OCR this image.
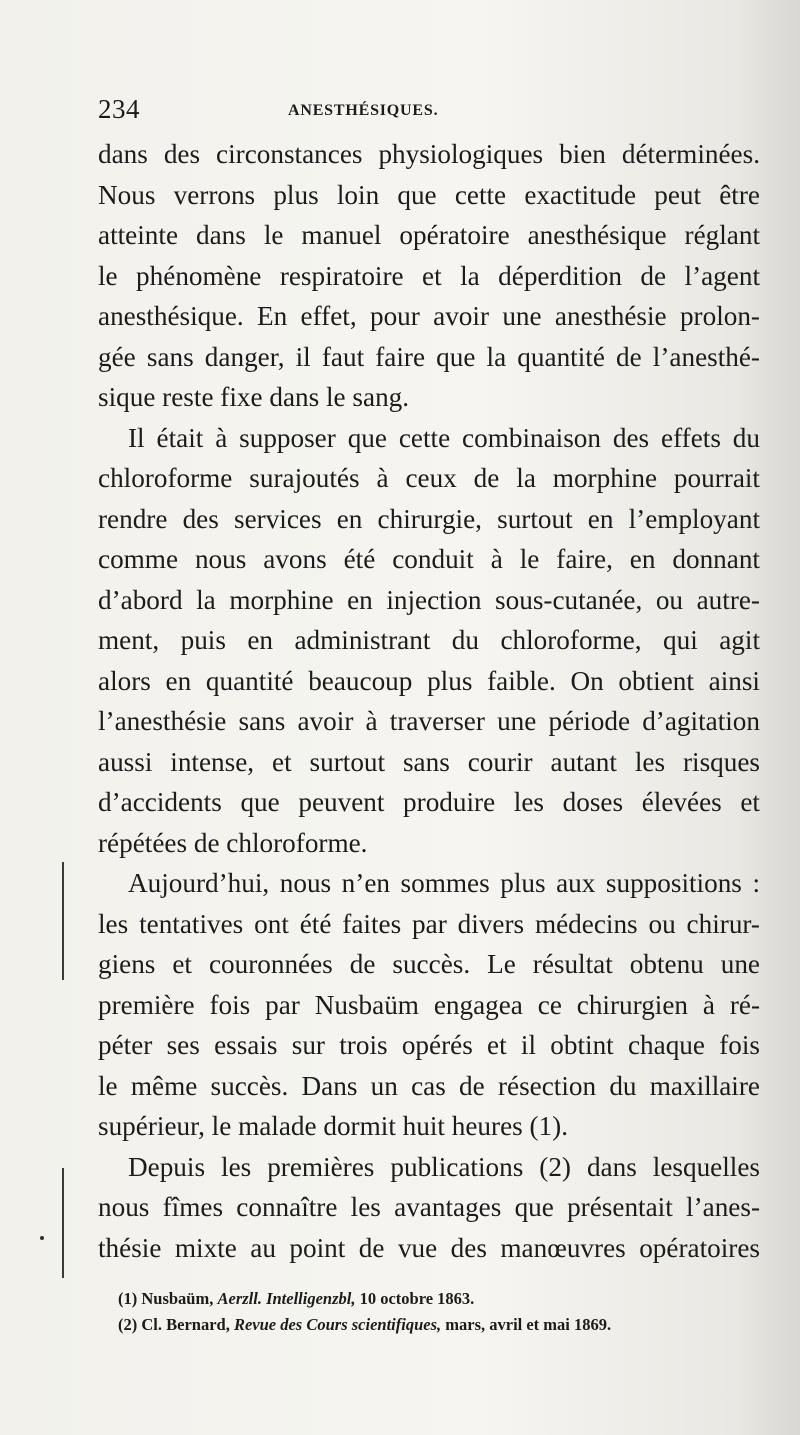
234	ANESTHÉSIQUES.
dans des circonstances physiologiques bien déterminées.
Nous verrons plus loin que cette exactitude peut être
atteinte dans le manuel opératoire anesthésique réglant
le phénomène respiratoire et la déperdition de l’agent
anesthésique. En effet, pour avoir une anesthésie prolon-
gée sans danger, il faut faire que la quantité de l’anesthé-
sique reste fixe dans le sang.
Il était à supposer que cette combinaison des effets du
chloroforme surajoutés à ceux de la morphine pourrait
rendre des services en chirurgie, surtout en l’employant
comme nous avons été conduit à le faire, en donnant
d’abord la morphine en injection sous-cutanée, ou autre-
ment, puis en administrant du chloroforme, qui agit
alors en quantité beaucoup plus faible. On obtient ainsi
l’anesthésie sans avoir à traverser une période d’agitation
aussi intense, et surtout sans courir autant les risques
d’accidents que peuvent produire les doses élevées et
répétées de chloroforme.
Aujourd’hui, nous n’en sommes plus aux suppositions :
les tentatives ont été faites par divers médecins ou chirur-
giens et couronnées de succès. Le résultat obtenu une
première fois par Nusbaüm engagea ce chirurgien à ré-
péter ses essais sur trois opérés et il obtint chaque fois
le même succès. Dans un cas de résection du maxillaire
supérieur, le malade dormit huit heures (1).
Depuis les premières publications (2) dans lesquelles
nous fîmes connaître les avantages que présentait l’anes-
thésie mixte au point de vue des manœuvres opératoires
(1) Nusbaüm, Aerzll. Intelligenzbl, 10 octobre 1863.
(2) Cl. Bernard, Revue des Cours scientifiques, mars, avril et mai 1869.
